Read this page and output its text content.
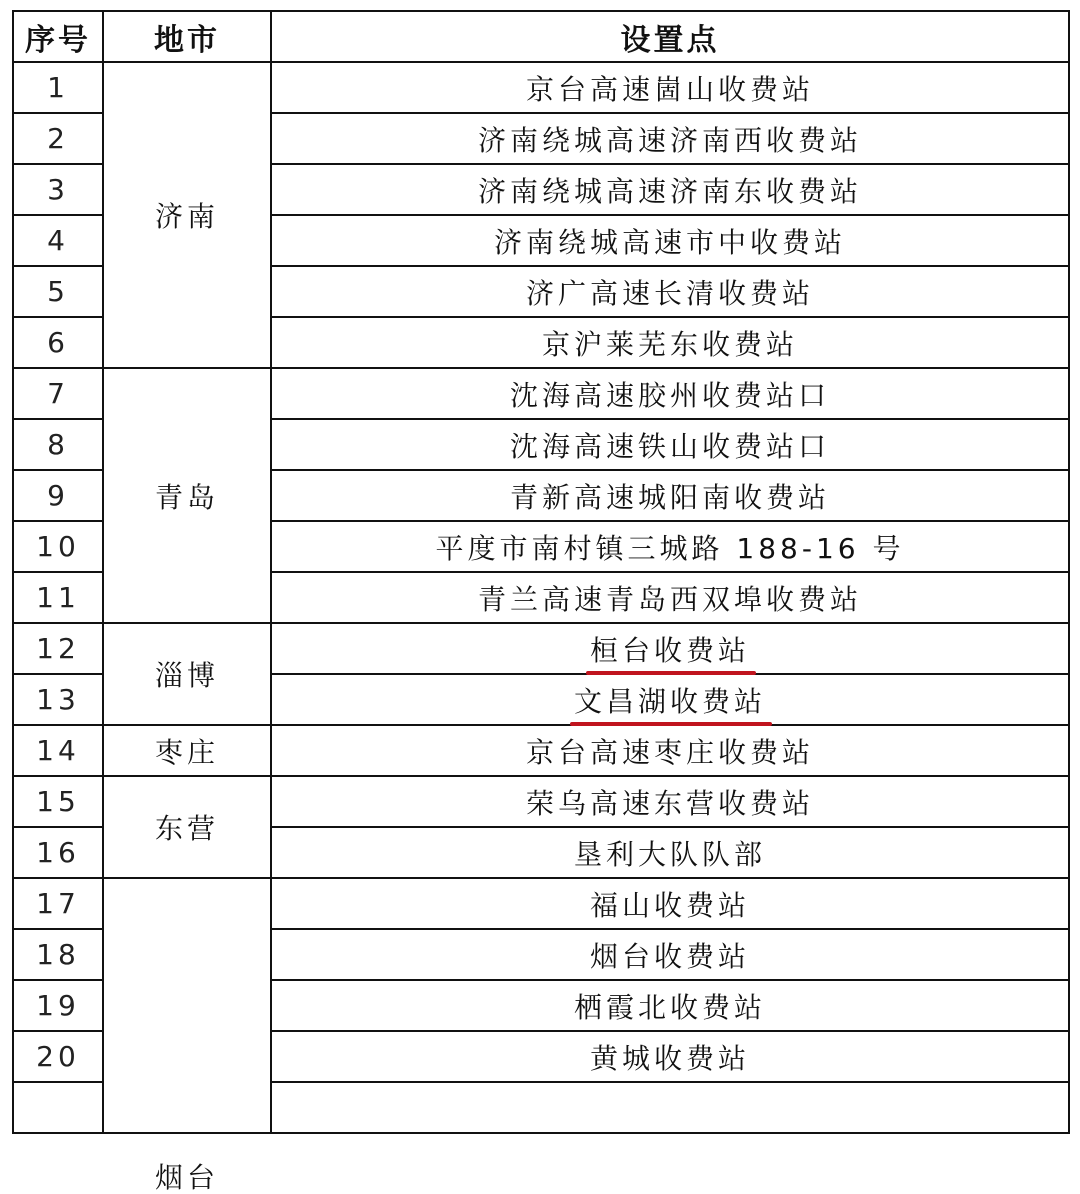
序号	地市	设置点
1	济南	京台高速崮山收费站
2		济南绕城高速济南西收费站
3		济南绕城高速济南东收费站
4		济南绕城高速市中收费站
5		济广高速长清收费站
6		京沪莱芜东收费站
7	青岛	沈海高速胶州收费站口
8		沈海高速铁山收费站口
9		青新高速城阳南收费站
10		平度市南村镇三城路 188-16 号
11		青兰高速青岛西双埠收费站
12	淄博	桓台收费站
13		文昌湖收费站
14	枣庄	京台高速枣庄收费站
15	东营	荣乌高速东营收费站
16		垦利大队队部
17	烟台	福山收费站
18		烟台收费站
19		栖霞北收费站
20		黄城收费站
